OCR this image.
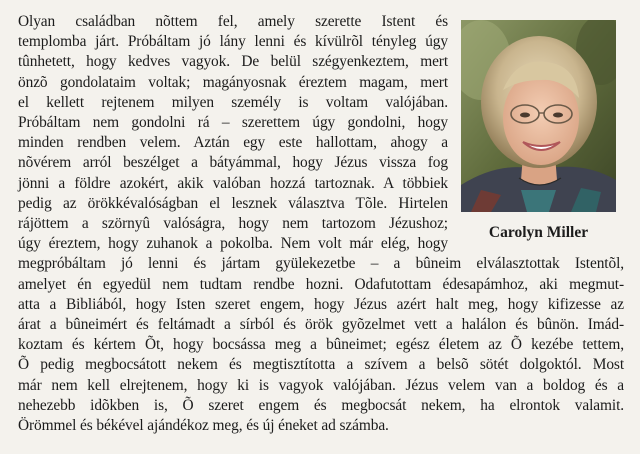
Olyan családban nõttem fel, amely szerette Istent és
templomba járt. Próbáltam jó lány lenni és kívülrõl tényleg úgy
tûnhetett, hogy kedves vagyok. De belül szégyenkeztem, mert
önzõ gondolataim voltak; magányosnak éreztem magam, mert
el kellett rejtenem milyen személy is voltam valójában.
Próbáltam nem gondolni rá – szerettem úgy gondolni, hogy
minden rendben velem. Aztán egy este hallottam, ahogy a
nõvérem arról beszélget a bátyámmal, hogy Jézus vissza fog
jönni a földre azokért, akik valóban hozzá tartoznak. A többiek
pedig az örökkévalóságban el lesznek választva Tõle. Hirtelen
rájöttem a szörnyû valóságra, hogy nem tartozom Jézushoz;
úgy éreztem, hogy zuhanok a pokolba. Nem volt már elég, hogy
megpróbáltam jó lenni és jártam gyülekezetbe – a bûneim elválasztottak Istentõl,
amelyet én egyedül nem tudtam rendbe hozni. Odafutottam édesapámhoz, aki megmut-
atta a Bibliából, hogy Isten szeret engem, hogy Jézus azért halt meg, hogy kifizesse az
árat a bûneimért és feltámadt a sírból és örök gyõzelmet vett a halálon és bûnön. Imád-
koztam és kértem Õt, hogy bocsássa meg a bûneimet; egész életem az Õ kezébe tettem,
Õ pedig megbocsátott nekem és megtisztította a szívem a belsõ sötét dolgoktól. Most
már nem kell elrejtenem, hogy ki is vagyok valójában. Jézus velem van a boldog és a
nehezebb idõkben is, Õ szeret engem és megbocsát nekem, ha elrontok valamit.
Örömmel és békével ajándékoz meg, és új éneket ad számba.
Carolyn Miller
